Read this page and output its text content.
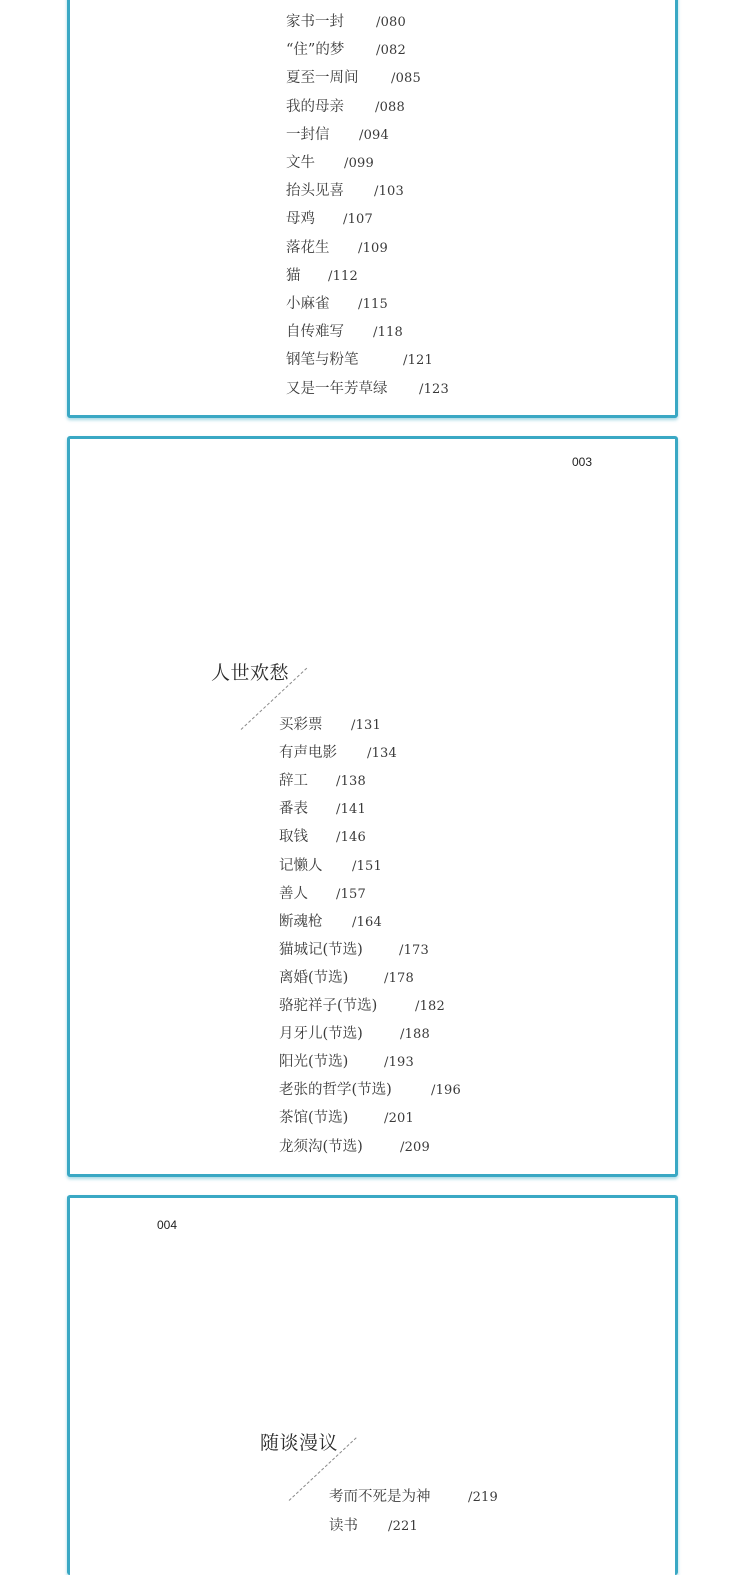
家书一封 /080
“住”的梦 /082
夏至一周间	/085
我的母亲 /088
一封信 /094
文牛 /099
抬头见喜 /103
母鸡 /107
落花生 /109
猫 /112
小麻雀 /115
自传难写 /118
钢笔与粉笔	/121
又是一年芳草绿 /123
003
人世欢愁
买彩票 /131
有声电影 /134
辞工 /138
番表 /141
取钱 /146
记懒人 /151
善人 /157
断魂枪 /164
猫城记(节选)	/173
离婚(节选)	/178
骆驼祥子(节选)	/182
月牙儿(节选)	/188
阳光(节选)	/193
老张的哲学(节选)	/196
茶馆(节选)	/201
龙须沟(节选)	/209
004
随谈漫议
考而不死是为神	/219
读书 /221
